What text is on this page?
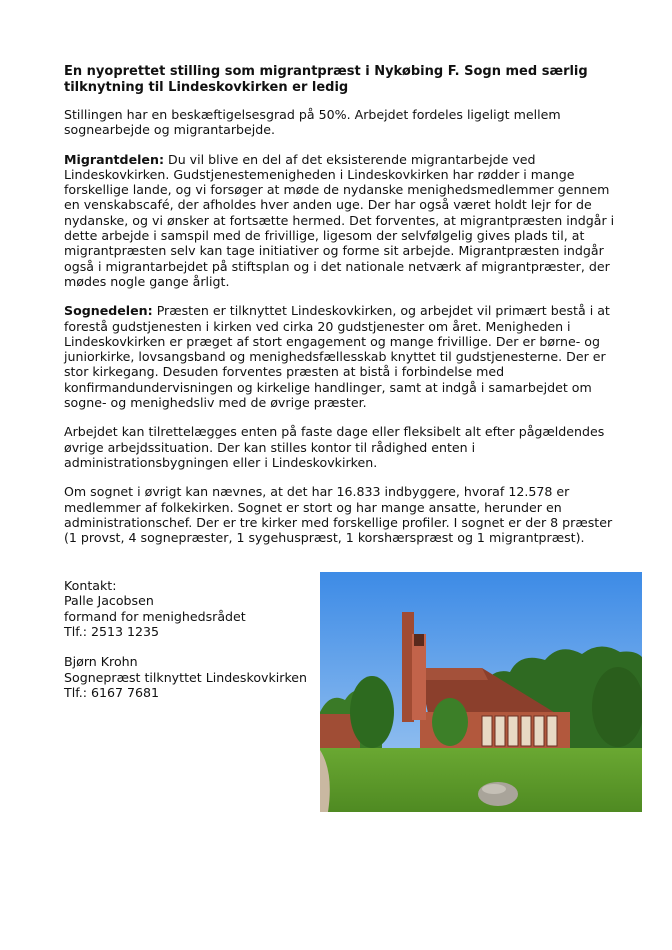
En nyoprettet stilling som migrantpræst i Nykøbing F. Sogn med særlig tilknytning til Lindeskovkirken er ledig

Stillingen har en beskæftigelsesgrad på 50%. Arbejdet fordeles ligeligt mellem sognearbejde og migrantarbejde.

Migrantdelen: Du vil blive en del af det eksisterende migrantarbejde ved Lindeskovkirken. Gudstjenestemenigheden i Lindeskovkirken har rødder i mange forskellige lande, og vi forsøger at møde de nydanske menighedsmedlemmer gennem en venskabscafé, der afholdes hver anden uge. Der har også været holdt lejr for de nydanske, og vi ønsker at fortsætte hermed. Det forventes, at migrantpræsten indgår i dette arbejde i samspil med de frivillige, ligesom der selvfølgelig gives plads til, at migrantpræsten selv kan tage initiativer og forme sit arbejde. Migrantpræsten indgår også i migrantarbejdet på stiftsplan og i det nationale netværk af migrantpræster, der mødes nogle gange årligt.

Sognedelen: Præsten er tilknyttet Lindeskovkirken, og arbejdet vil primært bestå i at forestå gudstjenesten i kirken ved cirka 20 gudstjenester om året. Menigheden i Lindeskovkirken er præget af stort engagement og mange frivillige. Der er børne- og juniorkirke, lovsangsband og menighedsfællesskab knyttet til gudstjenesterne. Der er stor kirkegang. Desuden forventes præsten at bistå i forbindelse med konfirmandundervisningen og kirkelige handlinger, samt at indgå i samarbejdet om sogne- og menighedsliv med de øvrige præster.

Arbejdet kan tilrettelægges enten på faste dage eller fleksibelt alt efter pågældendes øvrige arbejdssituation. Der kan stilles kontor til rådighed enten i administrationsbygningen eller i Lindeskovkirken.

Om sognet i øvrigt kan nævnes, at det har 16.833 indbyggere, hvoraf 12.578 er medlemmer af folkekirken. Sognet er stort og har mange ansatte, herunder en administrationschef. Der er tre kirker med forskellige profiler. I sognet er der 8 præster (1 provst, 4 sognepræster, 1 sygehuspræst, 1 korshærspræst og 1 migrantpræst).

Kontakt:
Palle Jacobsen
formand for menighedsrådet
Tlf.: 2513 1235
Bjørn Krohn
Sognepræst tilknyttet Lindeskovkirken
Tlf.: 6167 7681
